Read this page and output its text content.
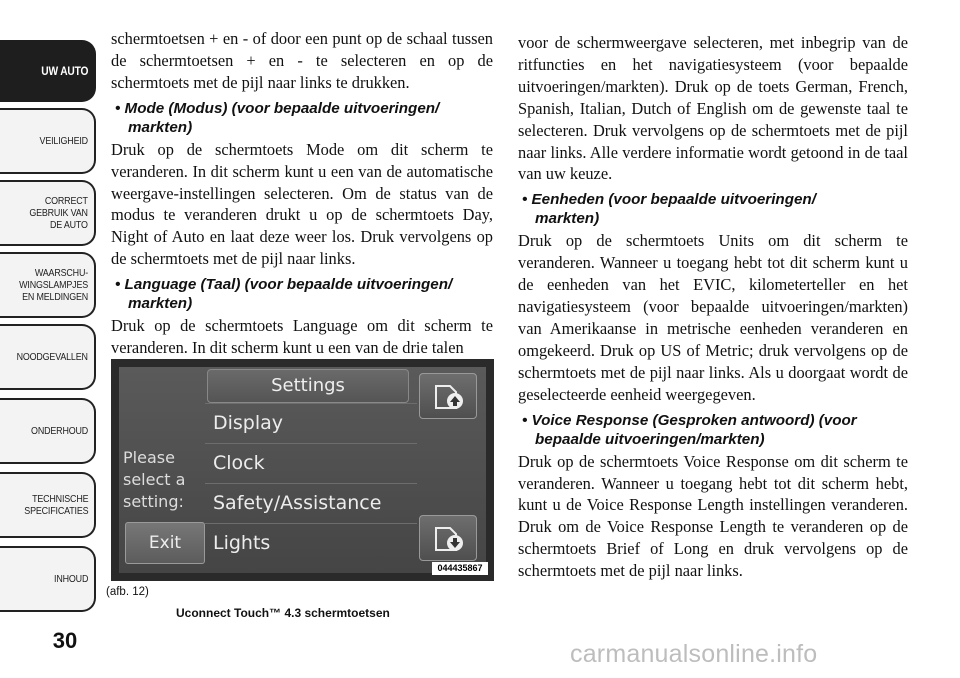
UW AUTO
VEILIGHEID
CORRECT
GEBRUIK VAN
DE AUTO
WAARSCHU-
WINGSLAMPJES
EN MELDINGEN
NOODGEVALLEN
ONDERHOUD
TECHNISCHE
SPECIFICATIES
INHOUD
30

schermtoetsen + en - of door een punt op de schaal tussen de schermtoetsen + en - te selecteren en op de schermtoets met de pijl naar links te drukken.

• Mode (Modus) (voor bepaalde uitvoeringen/
markten)

Druk op de schermtoets Mode om dit scherm te veranderen. In dit scherm kunt u een van de automatische weergave-instellingen selecteren. Om de status van de modus te veranderen drukt u op de schermtoets Day, Night of Auto en laat deze weer los. Druk vervolgens op de schermtoets met de pijl naar links.

• Language (Taal) (voor bepaalde uitvoeringen/
markten)

Druk op de schermtoets Language om dit scherm te veranderen. In dit scherm kunt u een van de drie talen

Please
select a
setting:
Exit
Settings
Display
Clock
Safety/Assistance
Lights
044435867
(afb. 12)
Uconnect Touch™ 4.3 schermtoetsen

voor de schermweergave selecteren, met inbegrip van de ritfuncties en het navigatiesysteem (voor bepaalde uitvoeringen/markten). Druk op de toets German, French, Spanish, Italian, Dutch of English om de gewenste taal te selecteren. Druk vervolgens op de schermtoets met de pijl naar links. Alle verdere informatie wordt getoond in de taal van uw keuze.

• Eenheden (voor bepaalde uitvoeringen/
markten)

Druk op de schermtoets Units om dit scherm te veranderen. Wanneer u toegang hebt tot dit scherm kunt u de eenheden van het EVIC, kilometerteller en het navigatiesysteem (voor bepaalde uitvoeringen/markten) van Amerikaanse in metrische eenheden veranderen en omgekeerd. Druk op US of Metric; druk vervolgens op de schermtoets met de pijl naar links. Als u doorgaat wordt de geselecteerde eenheid weergegeven.

• Voice Response (Gesproken antwoord) (voor
bepaalde uitvoeringen/markten)

Druk op de schermtoets Voice Response om dit scherm te veranderen. Wanneer u toegang hebt tot dit scherm hebt, kunt u de Voice Response Length instellingen veranderen. Druk om de Voice Response Length te veranderen op de schermtoets Brief of Long en druk vervolgens op de schermtoets met de pijl naar links.

carmanualsonline.info
